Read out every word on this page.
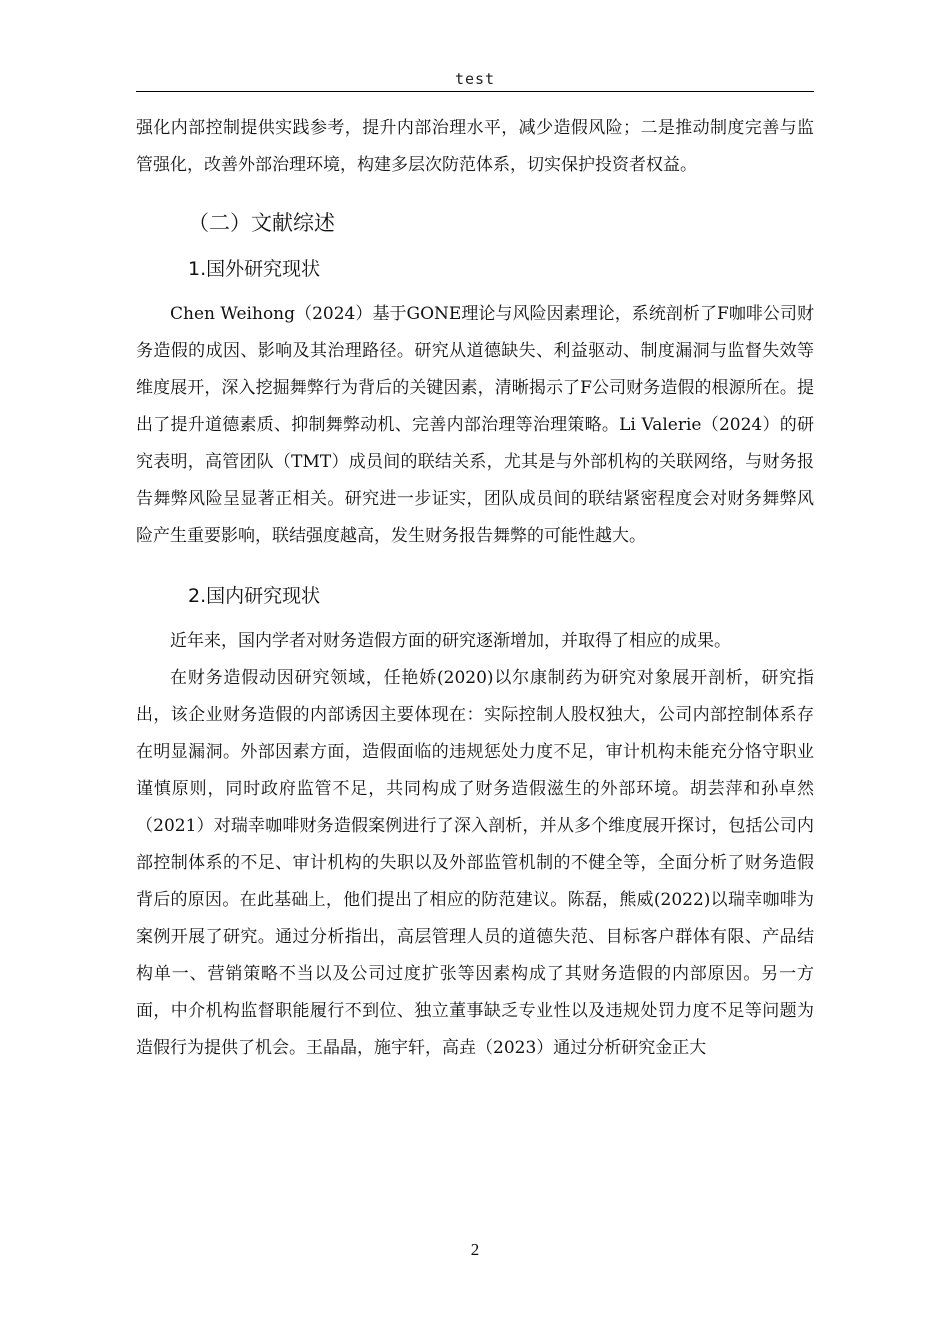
test

强化内部控制提供实践参考，提升内部治理水平，减少造假风险；二是推动制度完善与监管强化，改善外部治理环境，构建多层次防范体系，切实保护投资者权益。

（二）文献综述
1.国外研究现状

Chen Weihong（2024）基于GONE理论与风险因素理论，系统剖析了F咖啡公司财务造假的成因、影响及其治理路径。研究从道德缺失、利益驱动、制度漏洞与监督失效等维度展开，深入挖掘舞弊行为背后的关键因素，清晰揭示了F公司财务造假的根源所在。提出了提升道德素质、抑制舞弊动机、完善内部治理等治理策略。Li Valerie（2024）的研究表明，高管团队（TMT）成员间的联结关系，尤其是与外部机构的关联网络，与财务报告舞弊风险呈显著正相关。研究进一步证实，团队成员间的联结紧密程度会对财务舞弊风险产生重要影响，联结强度越高，发生财务报告舞弊的可能性越大。

2.国内研究现状

近年来，国内学者对财务造假方面的研究逐渐增加，并取得了相应的成果。

在财务造假动因研究领域，任艳娇(2020)以尔康制药为研究对象展开剖析，研究指出，该企业财务造假的内部诱因主要体现在：实际控制人股权独大，公司内部控制体系存在明显漏洞。外部因素方面，造假面临的违规惩处力度不足，审计机构未能充分恪守职业谨慎原则，同时政府监管不足，共同构成了财务造假滋生的外部环境。胡芸萍和孙卓然（2021）对瑞幸咖啡财务造假案例进行了深入剖析，并从多个维度展开探讨，包括公司内部控制体系的不足、审计机构的失职以及外部监管机制的不健全等，全面分析了财务造假背后的原因。在此基础上，他们提出了相应的防范建议。陈磊，熊威(2022)以瑞幸咖啡为案例开展了研究。通过分析指出，高层管理人员的道德失范、目标客户群体有限、产品结构单一、营销策略不当以及公司过度扩张等因素构成了其财务造假的内部原因。另一方面，中介机构监督职能履行不到位、独立董事缺乏专业性以及违规处罚力度不足等问题为造假行为提供了机会。王晶晶，施宇轩，高垚（2023）通过分析研究金正大

2
